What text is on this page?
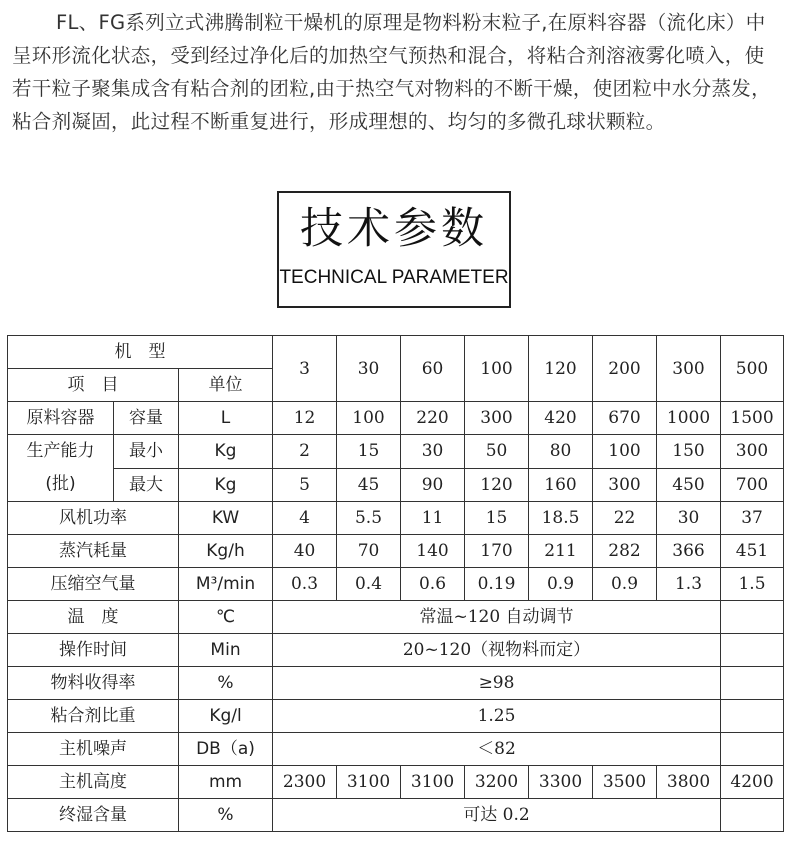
FL、FG系列立式沸腾制粒干燥机的原理是物料粉末粒子,在原料容器（流化床）中呈环形流化状态，受到经过净化后的加热空气预热和混合，将粘合剂溶液雾化喷入，使若干粒子聚集成含有粘合剂的团粒,由于热空气对物料的不断干燥，使团粒中水分蒸发，粘合剂凝固，此过程不断重复进行，形成理想的、均匀的多微孔球状颗粒。

技术参数
TECHNICAL PARAMETER
机　型			3	30	60	100	120	200	300	500
项　目		单位								
原料容器	容量	L	12	100	220	300	420	670	1000	1500

生产能力
(批)	最小	Kg	2	15	30	50	80	100	150	300
	最大	Kg	5	45	90	120	160	300	450	700
风机功率		KW	4	5.5	11	15	18.5	22	30	37
蒸汽耗量		Kg/h	40	70	140	170	211	282	366	451
压缩空气量		M³/min	0.3	0.4	0.6	0.19	0.9	0.9	1.3	1.5
温　度		℃	常温~120 自动调节							
操作时间		Min	20~120（视物料而定）							
物料收得率		%	≥98							
粘合剂比重		Kg/l	1.25							
主机噪声		DB（a)	＜82							
主机高度		mm	2300	3100	3100	3200	3300	3500	3800	4200
终湿含量		%	可达 0.2							
